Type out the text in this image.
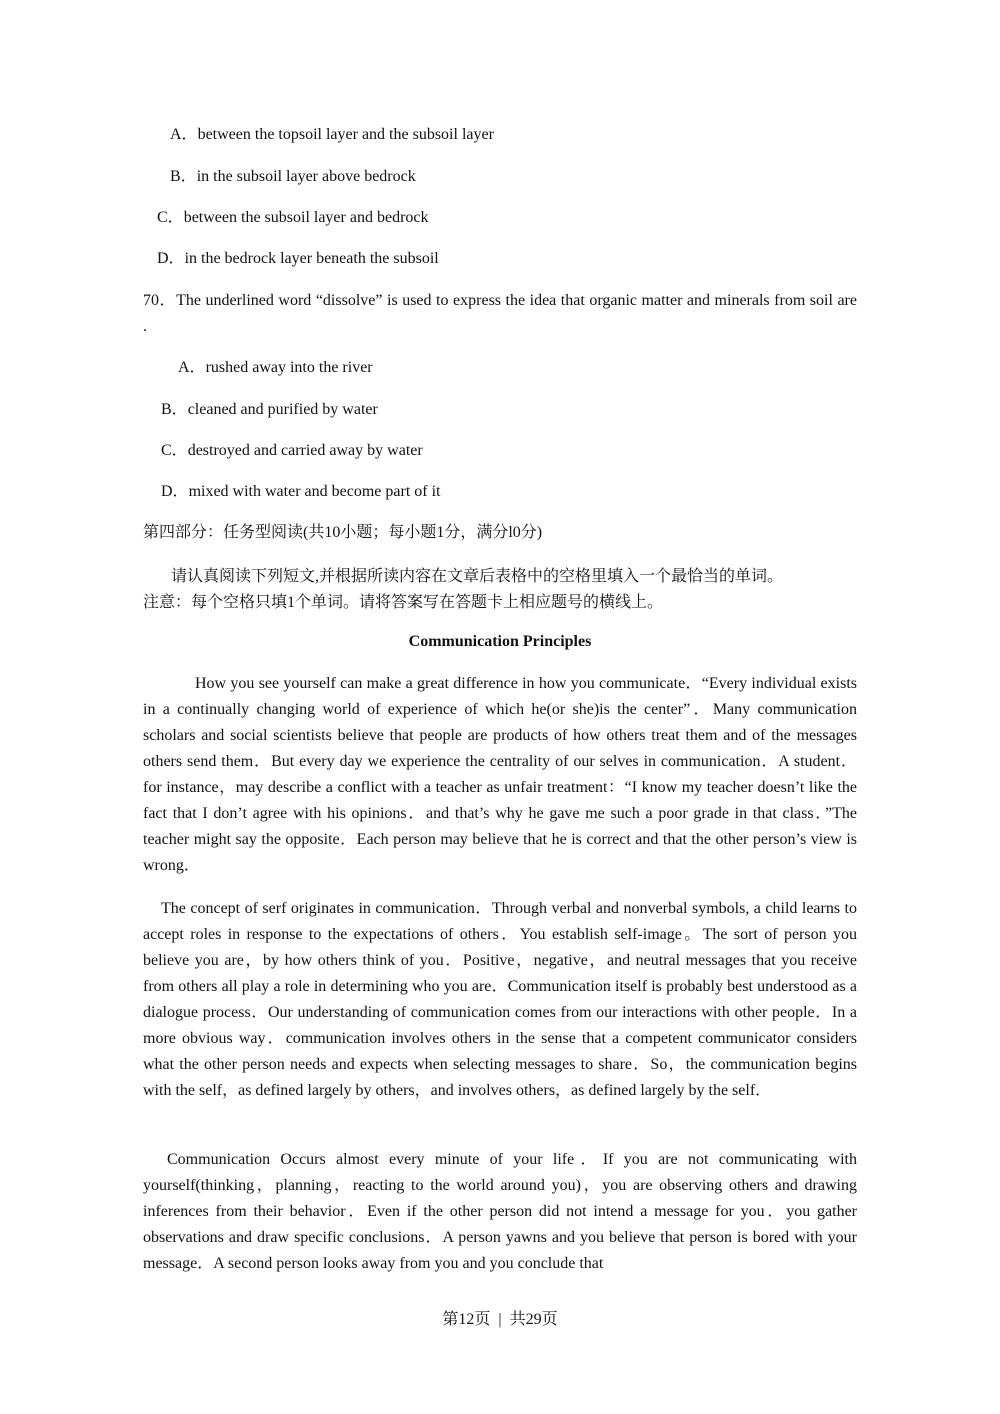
A．between the topsoil layer and the subsoil layer
B．in the subsoil layer above bedrock
C．between the subsoil layer and bedrock
D．in the bedrock layer beneath the subsoil
70．The underlined word “dissolve” is used to express the idea that organic matter and minerals from soil are         .
A．rushed away into the river
B．cleaned and purified by water
C．destroyed and carried away by water
D．mixed with water and become part of it
第四部分：任务型阅读(共10小题；每小题1分，满分l0分)

请认真阅读下列短文,并根据所读内容在文章后表格中的空格里填入一个最恰当的单词。

注意：每个空格只填1个单词。请将答案写在答题卡上相应题号的横线上。

Communication Principles

How you see yourself can make a great difference in how you communicate．“Every individual exists in a continually changing world of experience of which he(or she)is the center”．Many communication scholars and social scientists believe that people are products of how others treat them and of the messages others send them．But every day we experience the centrality of our selves in communication．A student．for instance，may describe a conflict with a teacher as unfair treatment：“I know my teacher doesn’t like the fact that I don’t agree with his opinions．and that’s why he gave me such a poor grade in that class．”The teacher might say the opposite．Each person may believe that he is correct and that the other person’s view is wrong．

The concept of serf originates in communication．Through verbal and nonverbal symbols, a child learns to accept roles in response to the expectations of others．You establish self-image。The sort of person you believe you are，by how others think of you．Positive，negative，and neutral messages that you receive from others all play a role in determining who you are．Communication itself is probably best understood as a dialogue process．Our understanding of communication comes from our interactions with other people．In a more obvious way．communication involves others in the sense that a competent communicator considers what the other person needs and expects when selecting messages to share．So，the communication begins with the self，as defined largely by others，and involves others，as defined largely by the self．

Communication Occurs almost every minute of your life．If you are not communicating with yourself(thinking，planning，reacting to the world around you)，you are observing others and drawing inferences from their behavior．Even if the other person did not intend a message for you．you gather observations and draw specific conclusions．A person yawns and you believe that person is bored with your message．A second person looks away from you and you conclude that

第12页 | 共29页
